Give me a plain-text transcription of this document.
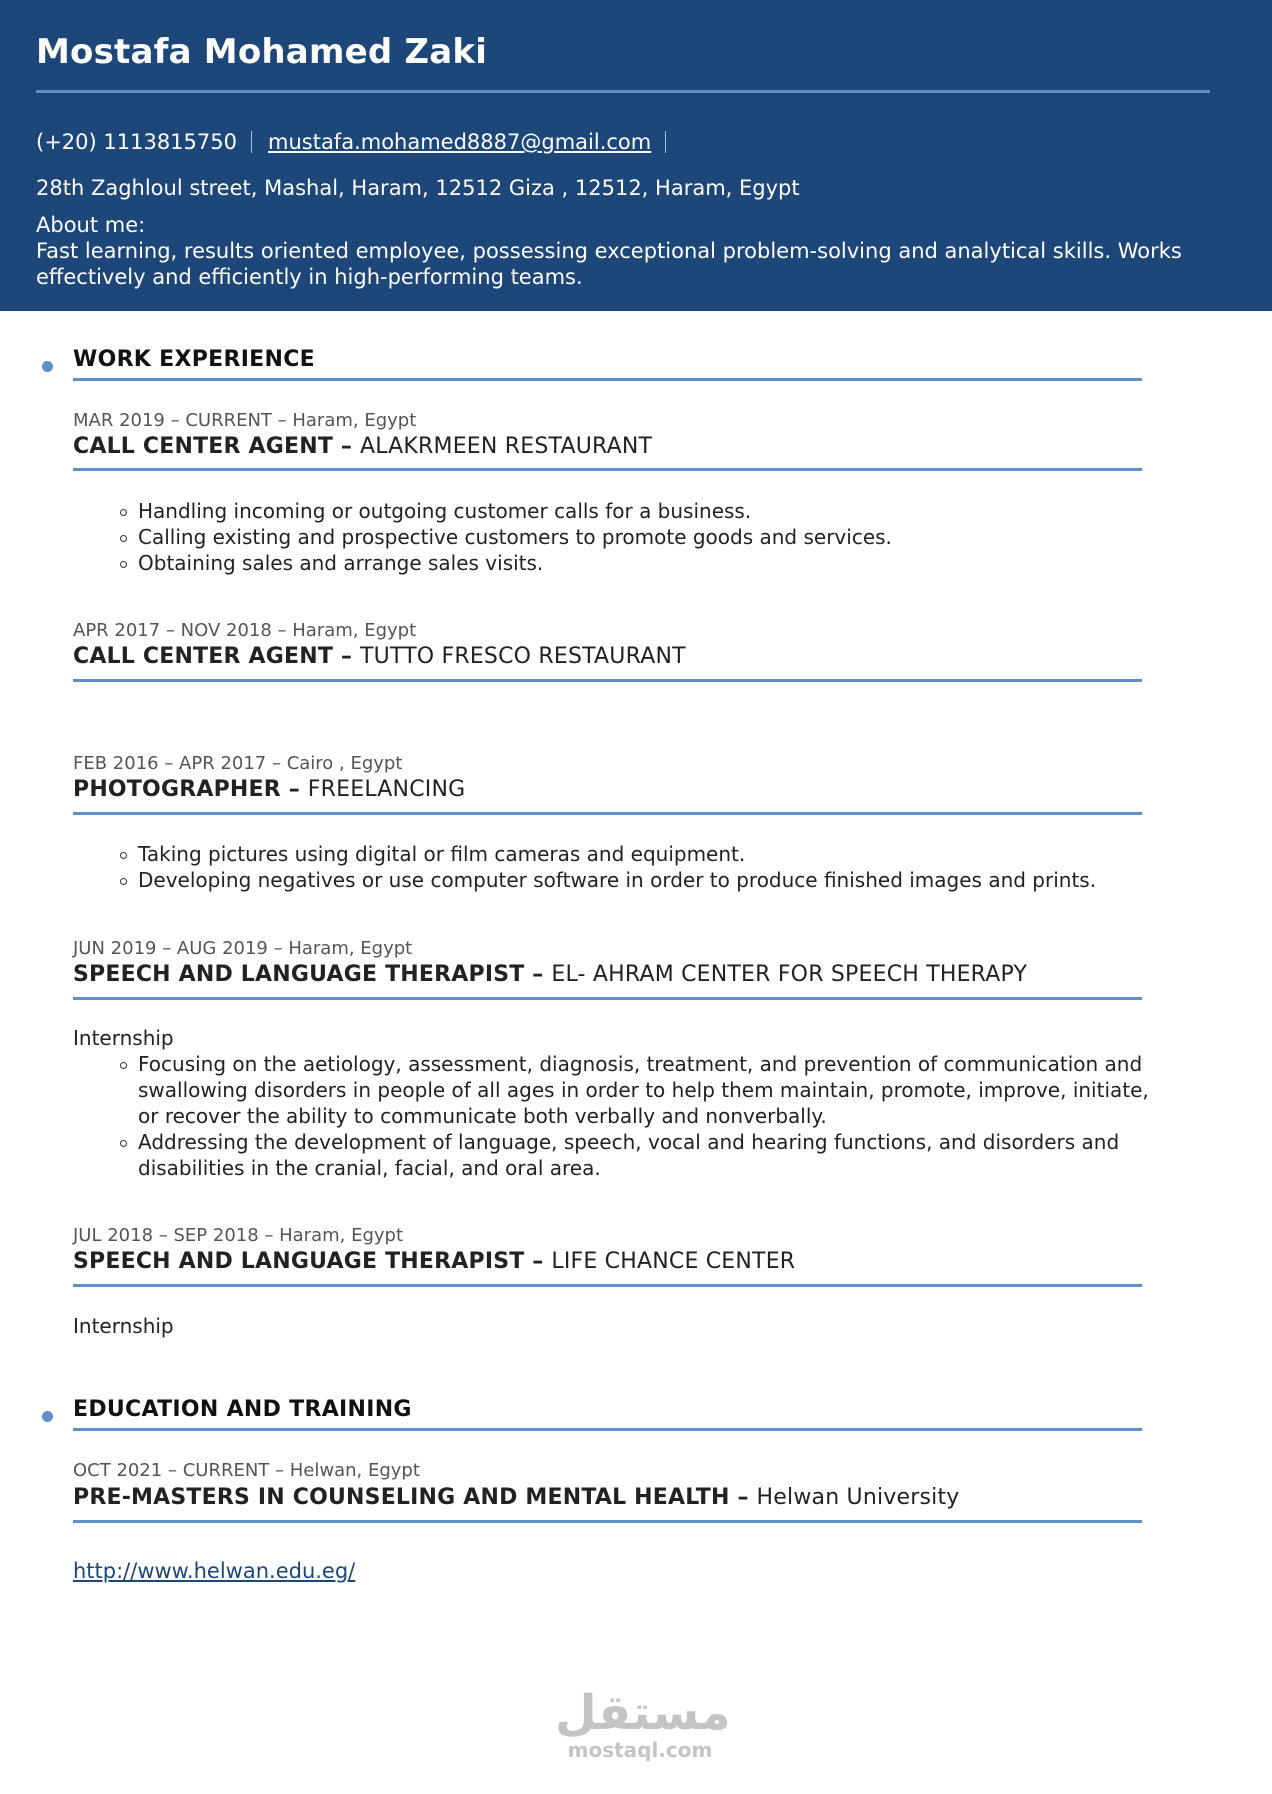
Mostafa Mohamed Zaki
(+20) 1113815750 mustafa.mohamed8887@gmail.com
28th Zaghloul street, Mashal, Haram, 12512 Giza , 12512, Haram, Egypt
About me:
Fast learning, results oriented employee, possessing exceptional problem-solving and analytical skills. Works effectively and efficiently in high-performing teams.
WORK EXPERIENCE
MAR 2019 – CURRENT – Haram, Egypt
CALL CENTER AGENT – ALAKRMEEN RESTAURANT
Handling incoming or outgoing customer calls for a business.
Calling existing and prospective customers to promote goods and services.
Obtaining sales and arrange sales visits.
APR 2017 – NOV 2018 – Haram, Egypt
CALL CENTER AGENT – TUTTO FRESCO RESTAURANT
FEB 2016 – APR 2017 – Cairo , Egypt
PHOTOGRAPHER – FREELANCING
Taking pictures using digital or film cameras and equipment.
Developing negatives or use computer software in order to produce finished images and prints.
JUN 2019 – AUG 2019 – Haram, Egypt
SPEECH AND LANGUAGE THERAPIST – EL- AHRAM CENTER FOR SPEECH THERAPY
Internship
Focusing on the aetiology, assessment, diagnosis, treatment, and prevention of communication and swallowing disorders in people of all ages in order to help them maintain, promote, improve, initiate, or recover the ability to communicate both verbally and nonverbally.
Addressing the development of language, speech, vocal and hearing functions, and disorders and disabilities in the cranial, facial, and oral area.
JUL 2018 – SEP 2018 – Haram, Egypt
SPEECH AND LANGUAGE THERAPIST – LIFE CHANCE CENTER
Internship
EDUCATION AND TRAINING
OCT 2021 – CURRENT – Helwan, Egypt
PRE-MASTERS IN COUNSELING AND MENTAL HEALTH – Helwan University
http://www.helwan.edu.eg/
مستقل
mostaql.com
